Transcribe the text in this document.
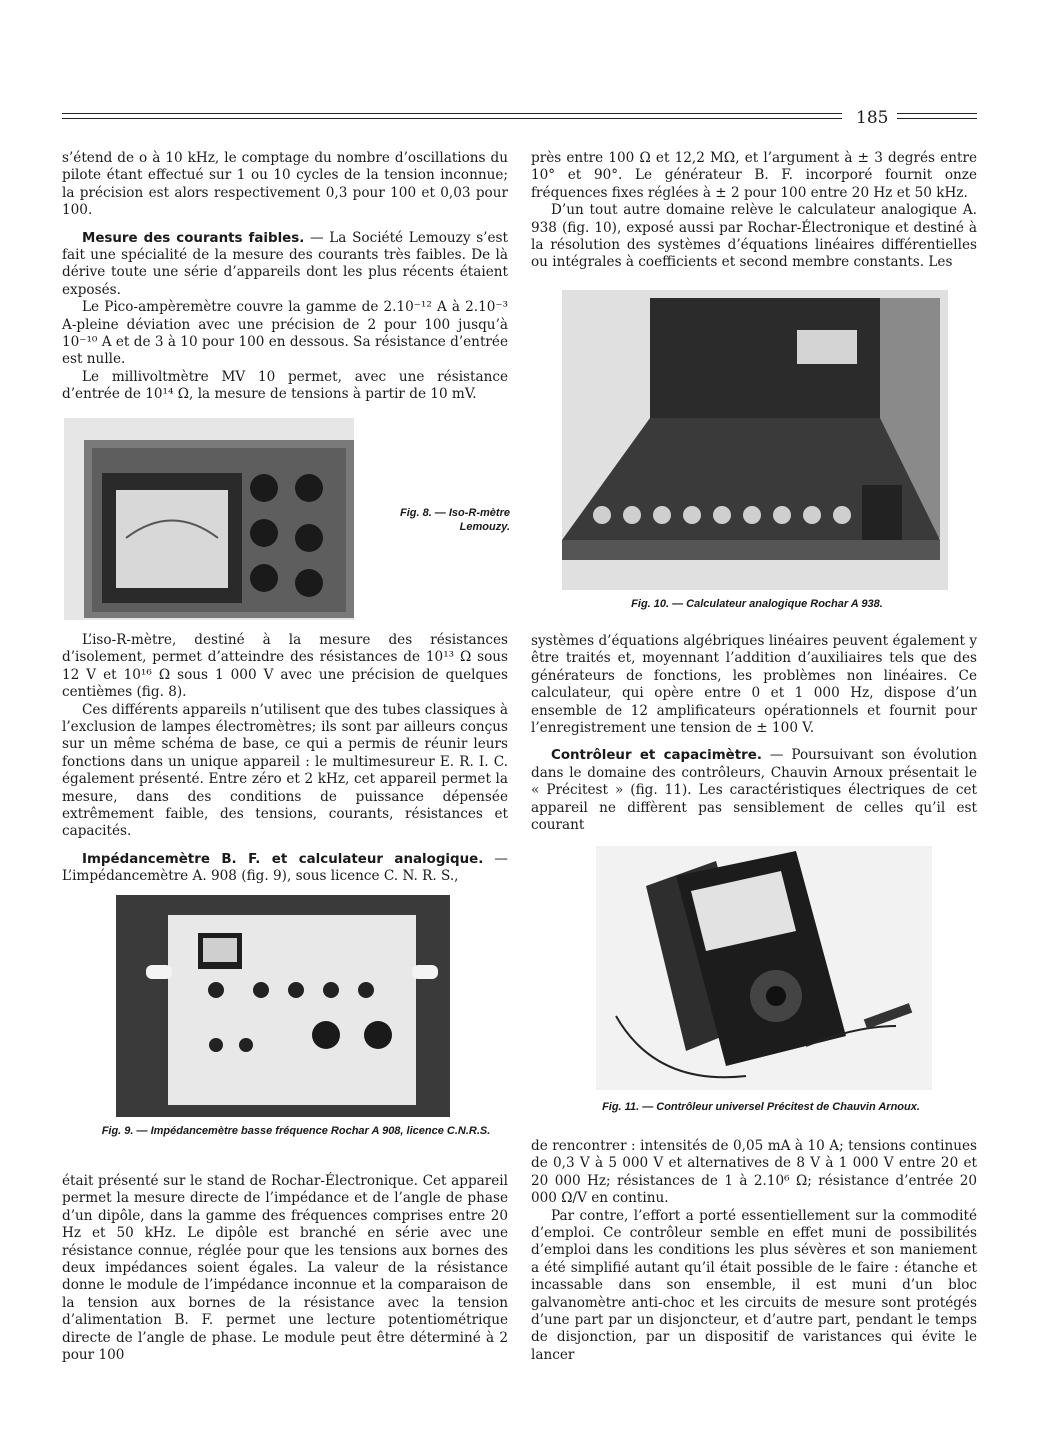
185

s’étend de o à 10 kHz, le comptage du nombre d’oscillations du pilote étant effectué sur 1 ou 10 cycles de la tension inconnue; la précision est alors respectivement 0,3 pour 100 et 0,03 pour 100.

Mesure des courants faibles. — La Société Lemouzy s’est fait une spécialité de la mesure des courants très faibles. De là dérive toute une série d’appareils dont les plus récents étaient exposés.

Le Pico-ampèremètre couvre la gamme de 2.10⁻¹² A à 2.10⁻³ A-pleine déviation avec une précision de 2 pour 100 jusqu’à 10⁻¹⁰ A et de 3 à 10 pour 100 en dessous. Sa résistance d’entrée est nulle.

Le millivoltmètre MV 10 permet, avec une résistance d’entrée de 10¹⁴ Ω, la mesure de tensions à partir de 10 mV.

Fig. 8. — Iso-R-mètre Lemouzy.

L’iso-R-mètre, destiné à la mesure des résistances d’isolement, permet d’atteindre des résistances de 10¹³ Ω sous 12 V et 10¹⁶ Ω sous 1 000 V avec une précision de quelques centièmes (fig. 8).

Ces différents appareils n’utilisent que des tubes classiques à l’exclusion de lampes électromètres; ils sont par ailleurs conçus sur un même schéma de base, ce qui a permis de réunir leurs fonctions dans un unique appareil : le multimesureur E. R. I. C. également présenté. Entre zéro et 2 kHz, cet appareil permet la mesure, dans des conditions de puissance dépensée extrêmement faible, des tensions, courants, résistances et capacités.

Impédancemètre B. F. et calculateur analogique. — L’impédancemètre A. 908 (fig. 9), sous licence C. N. R. S.,

Fig. 9. — Impédancemètre basse fréquence Rochar A 908, licence C.N.R.S.

était présenté sur le stand de Rochar-Électronique. Cet appareil permet la mesure directe de l’impédance et de l’angle de phase d’un dipôle, dans la gamme des fréquences comprises entre 20 Hz et 50 kHz. Le dipôle est branché en série avec une résistance connue, réglée pour que les tensions aux bornes des deux impédances soient égales. La valeur de la résistance donne le module de l’impédance inconnue et la comparaison de la tension aux bornes de la résistance avec la tension d’alimentation B. F. permet une lecture potentiométrique directe de l’angle de phase. Le module peut être déterminé à 2 pour 100

près entre 100 Ω et 12,2 MΩ, et l’argument à ± 3 degrés entre 10° et 90°. Le générateur B. F. incorporé fournit onze fréquences fixes réglées à ± 2 pour 100 entre 20 Hz et 50 kHz.

D’un tout autre domaine relève le calculateur analogique A. 938 (fig. 10), exposé aussi par Rochar-Électronique et destiné à la résolution des systèmes d’équations linéaires différentielles ou intégrales à coefficients et second membre constants. Les

Fig. 10. — Calculateur analogique Rochar A 938.

systèmes d’équations algébriques linéaires peuvent également y être traités et, moyennant l’addition d’auxiliaires tels que des générateurs de fonctions, les problèmes non linéaires. Ce calculateur, qui opère entre 0 et 1 000 Hz, dispose d’un ensemble de 12 amplificateurs opérationnels et fournit pour l’enregistrement une tension de ± 100 V.

Contrôleur et capacimètre. — Poursuivant son évolution dans le domaine des contrôleurs, Chauvin Arnoux présentait le « Précitest » (fig. 11). Les caractéristiques électriques de cet appareil ne diffèrent pas sensiblement de celles qu’il est courant

Fig. 11. — Contrôleur universel Précitest de Chauvin Arnoux.

de rencontrer : intensités de 0,05 mA à 10 A; tensions continues de 0,3 V à 5 000 V et alternatives de 8 V à 1 000 V entre 20 et 20 000 Hz; résistances de 1 à 2.10⁶ Ω; résistance d’entrée 20 000 Ω/V en continu.

Par contre, l’effort a porté essentiellement sur la commodité d’emploi. Ce contrôleur semble en effet muni de possibilités d’emploi dans les conditions les plus sévères et son maniement a été simplifié autant qu’il était possible de le faire : étanche et incassable dans son ensemble, il est muni d’un bloc galvanomètre anti-choc et les circuits de mesure sont protégés d’une part par un disjoncteur, et d’autre part, pendant le temps de disjonction, par un dispositif de varistances qui évite le lancer
